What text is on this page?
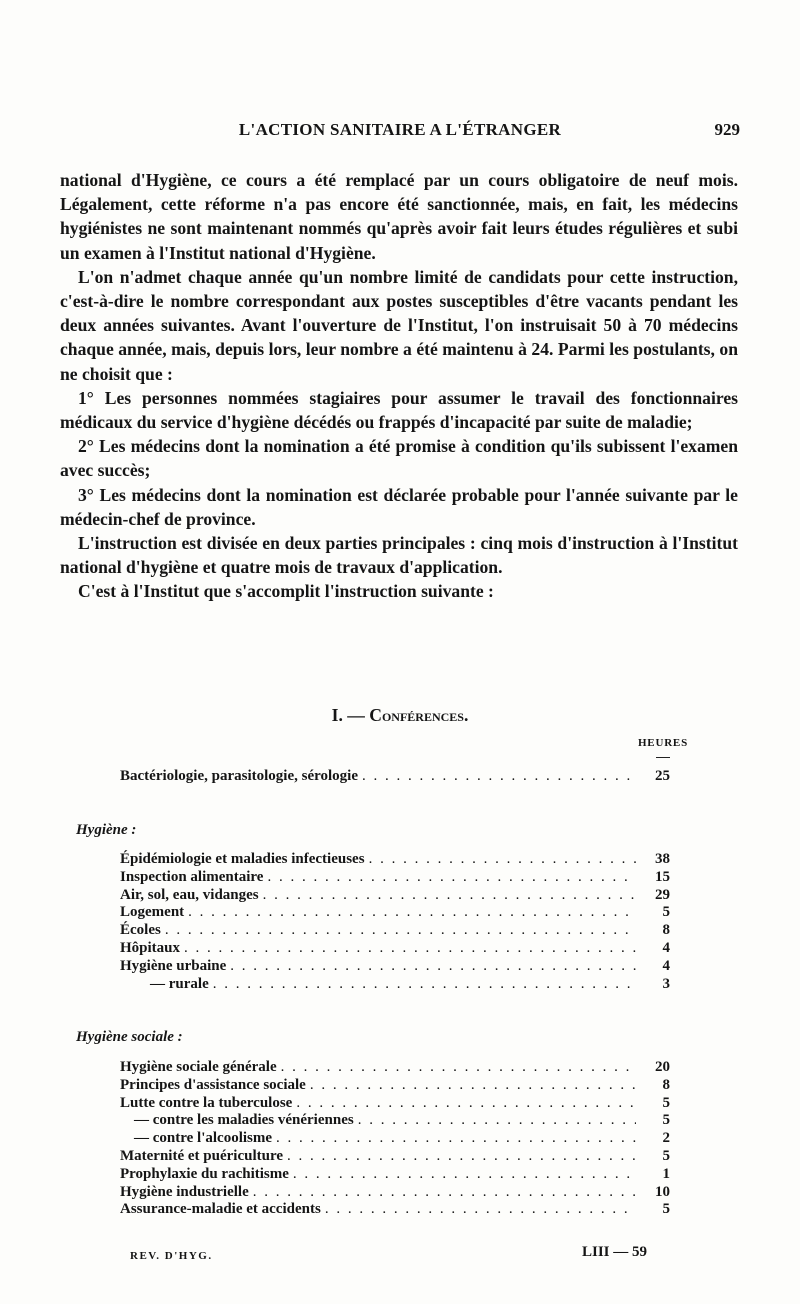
L'ACTION SANITAIRE A L'ÉTRANGER	929

national d'Hygiène, ce cours a été remplacé par un cours obligatoire de neuf mois. Légalement, cette réforme n'a pas encore été sanctionnée, mais, en fait, les médecins hygiénistes ne sont maintenant nommés qu'après avoir fait leurs études régulières et subi un examen à l'Institut national d'Hygiène.

L'on n'admet chaque année qu'un nombre limité de candidats pour cette instruction, c'est-à-dire le nombre correspondant aux postes susceptibles d'être vacants pendant les deux années suivantes. Avant l'ouverture de l'Institut, l'on instruisait 50 à 70 médecins chaque année, mais, depuis lors, leur nombre a été maintenu à 24. Parmi les postulants, on ne choisit que :

1° Les personnes nommées stagiaires pour assumer le travail des fonctionnaires médicaux du service d'hygiène décédés ou frappés d'incapacité par suite de maladie;

2° Les médecins dont la nomination a été promise à condition qu'ils subissent l'examen avec succès;

3° Les médecins dont la nomination est déclarée probable pour l'année suivante par le médecin-chef de province.

L'instruction est divisée en deux parties principales : cinq mois d'instruction à l'Institut national d'hygiène et quatre mois de travaux d'application.

C'est à l'Institut que s'accomplit l'instruction suivante :

I. — Conférences.
HEURES
Bactériologie, parasitologie, sérologie . . .	25
Hygiène :
Épidémiologie et maladies infectieuses . . .	38
Inspection alimentaire . . .	15
Air, sol, eau, vidanges . . .	29
Logement . . .	5
Écoles . . .	8
Hôpitaux . . .	4
Hygiène urbaine . . .	4
— rurale . . .	3
Hygiène sociale :
Hygiène sociale générale . . .	20
Principes d'assistance sociale . . .	8
Lutte contre la tuberculose . . .	5
— contre les maladies vénériennes . . .	5
— contre l'alcoolisme . . .	2
Maternité et puériculture . . .	5
Prophylaxie du rachitisme . . .	1
Hygiène industrielle . . .	10
Assurance-maladie et accidents . . .	5
REV. D'HYG.	LIII — 59
